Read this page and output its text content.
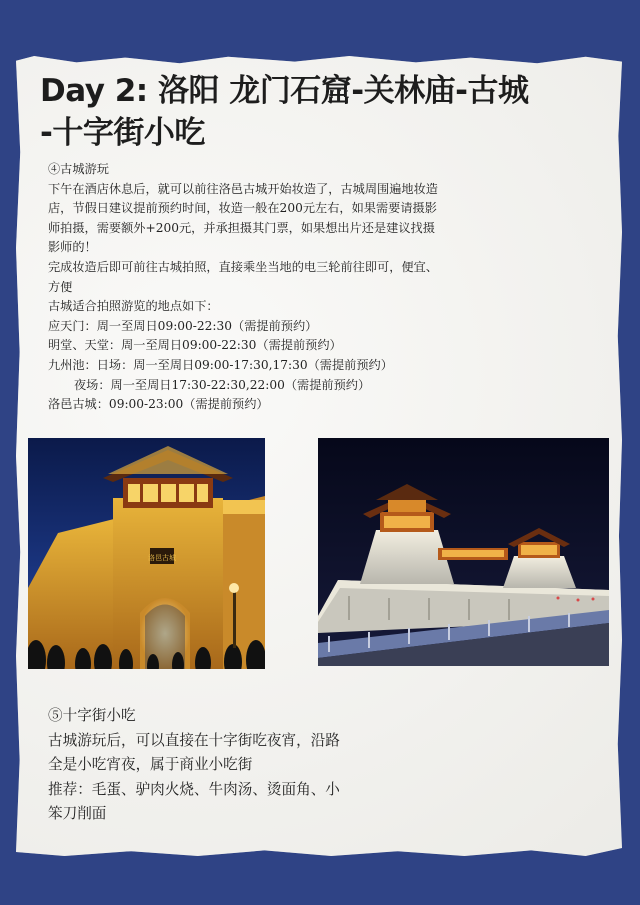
Day 2: 洛阳 龙门石窟-关林庙-古城
-十字街小吃
④古城游玩
下午在酒店休息后，就可以前往洛邑古城开始妆造了，古城周围遍地妆造
店，节假日建议提前预约时间，妆造一般在200元左右，如果需要请摄影
师拍摄，需要额外+200元，并承担摄其门票，如果想出片还是建议找摄
影师的！
完成妆造后即可前往古城拍照，直接乘坐当地的电三轮前往即可，便宜、
方便
古城适合拍照游览的地点如下：
应天门：周一至周日09:00-22:30（需提前预约）
明堂、天堂：周一至周日09:00-22:30（需提前预约）
九州池：日场：周一至周日09:00-17:30,17:30（需提前预约）
夜场：周一至周日17:30-22:30,22:00（需提前预约）
洛邑古城：09:00-23:00（需提前预约）
洛邑古城
⑤十字街小吃
古城游玩后，可以直接在十字街吃夜宵，沿路
全是小吃宵夜，属于商业小吃街
推荐：毛蛋、驴肉火烧、牛肉汤、烫面角、小
笨刀削面
